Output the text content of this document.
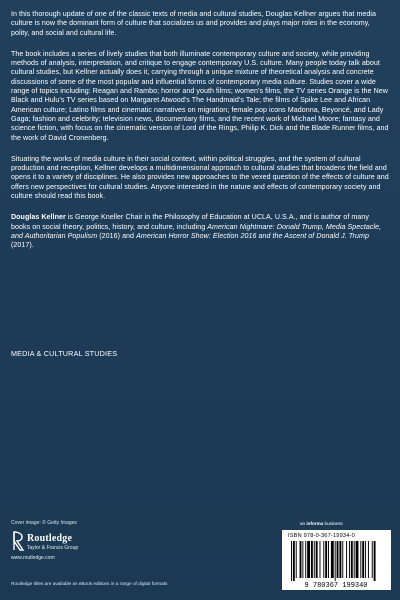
In this thorough update of one of the classic texts of media and cultural studies, Douglas Kellner argues that media culture is now the dominant form of culture that socializes us and provides and plays major roles in the economy, polity, and social and cultural life.

The book includes a series of lively studies that both illuminate contemporary culture and society, while providing methods of analysis, interpretation, and critique to engage contemporary U.S. culture. Many people today talk about cultural studies, but Kellner actually does it, carrying through a unique mixture of theoretical analysis and concrete discussions of some of the most popular and influential forms of contemporary media culture. Studies cover a wide range of topics including: Reagan and Rambo; horror and youth films; women’s films, the TV series Orange is the New Black and Hulu’s TV series based on Margaret Atwood’s The Handmaid’s Tale; the films of Spike Lee and African American culture; Latino films and cinematic narratives on migration; female pop icons Madonna, Beyoncé, and Lady Gaga; fashion and celebrity; television news, documentary films, and the recent work of Michael Moore; fantasy and science fiction, with focus on the cinematic version of Lord of the Rings, Philip K. Dick and the Blade Runner films, and the work of David Cronenberg.

Situating the works of media culture in their social context, within political struggles, and the system of cultural production and reception, Kellner develops a multidimensional approach to cultural studies that broadens the field and opens it to a variety of disciplines. He also provides new approaches to the vexed question of the effects of culture and offers new perspectives for cultural studies. Anyone interested in the nature and effects of contemporary society and culture should read this book.

Douglas Kellner is George Kneller Chair in the Philosophy of Education at UCLA, U.S.A., and is author of many books on social theory, politics, history, and culture, including American Nightmare: Donald Trump, Media Spectacle, and Authoritarian Populism (2016) and American Horror Show: Election 2016 and the Ascent of Donald J. Trump (2017).

MEDIA & CULTURAL STUDIES
Cover image: © Getty Images
Routledge
Taylor & Francis Group
www.routledge.com
Routledge titles are available as eBook editions in a range of digital formats
an informa business
ISBN 978-0-367-19934-0
9 780367 199340
